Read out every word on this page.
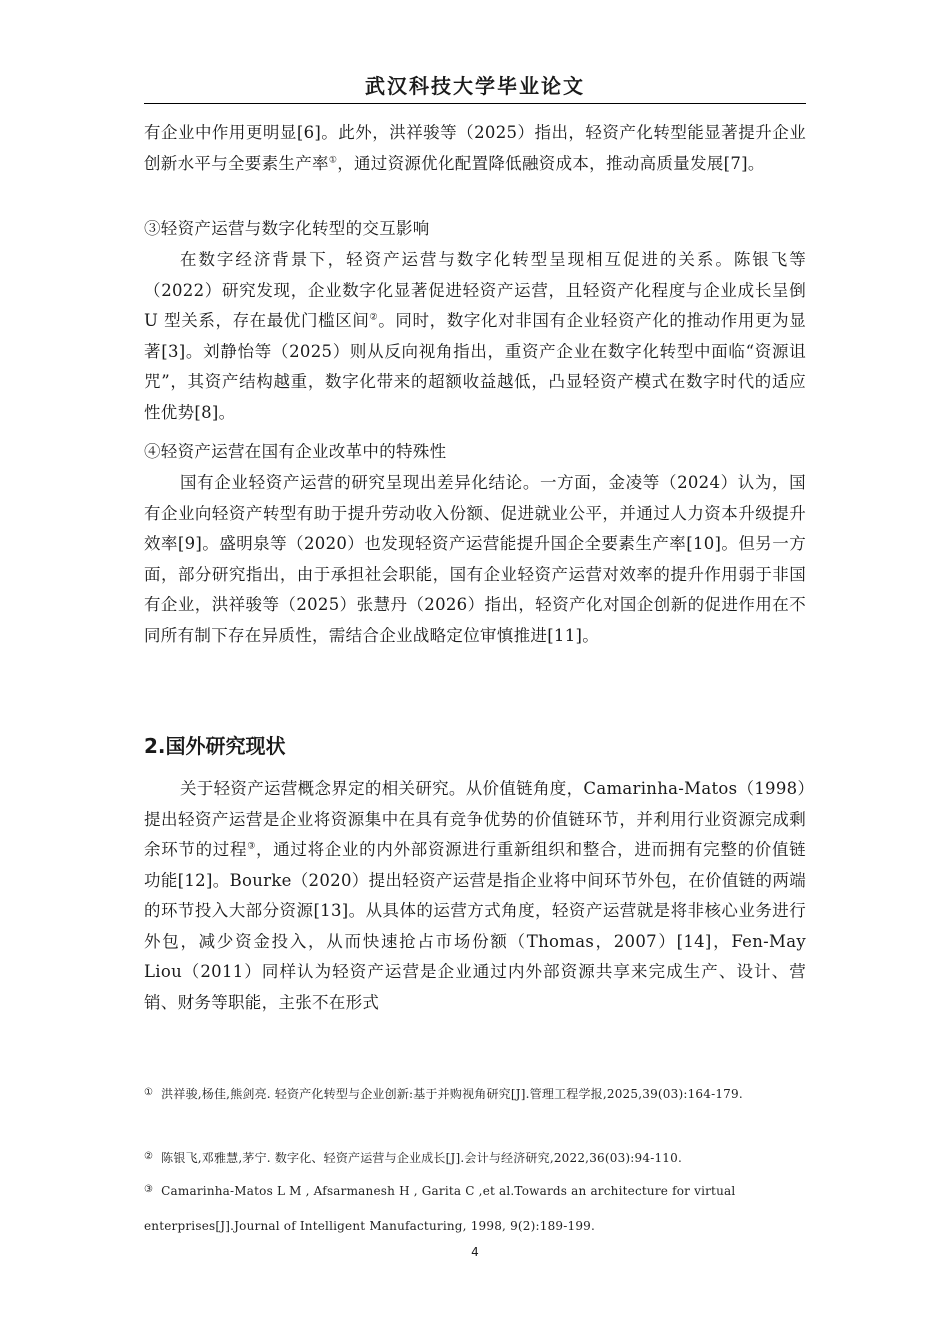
武汉科技大学毕业论文

有企业中作用更明显[6]。此外，洪祥骏等（2025）指出，轻资产化转型能显著提升企业创新水平与全要素生产率①，通过资源优化配置降低融资成本，推动高质量发展[7]。

③轻资产运营与数字化转型的交互影响

在数字经济背景下，轻资产运营与数字化转型呈现相互促进的关系。陈银飞等（2022）研究发现，企业数字化显著促进轻资产运营，且轻资产化程度与企业成长呈倒 U 型关系，存在最优门槛区间②。同时，数字化对非国有企业轻资产化的推动作用更为显著[3]。刘静怡等（2025）则从反向视角指出，重资产企业在数字化转型中面临“资源诅咒”，其资产结构越重，数字化带来的超额收益越低，凸显轻资产模式在数字时代的适应性优势[8]。

④轻资产运营在国有企业改革中的特殊性

国有企业轻资产运营的研究呈现出差异化结论。一方面，金凌等（2024）认为，国有企业向轻资产转型有助于提升劳动收入份额、促进就业公平，并通过人力资本升级提升效率[9]。盛明泉等（2020）也发现轻资产运营能提升国企全要素生产率[10]。但另一方面，部分研究指出，由于承担社会职能，国有企业轻资产运营对效率的提升作用弱于非国有企业，洪祥骏等（2025）张慧丹（2026）指出，轻资产化对国企创新的促进作用在不同所有制下存在异质性，需结合企业战略定位审慎推进[11]。

2.国外研究现状

关于轻资产运营概念界定的相关研究。从价值链角度，Camarinha-Matos（1998）提出轻资产运营是企业将资源集中在具有竞争优势的价值链环节，并利用行业资源完成剩余环节的过程③，通过将企业的内外部资源进行重新组织和整合，进而拥有完整的价值链功能[12]。Bourke（2020）提出轻资产运营是指企业将中间环节外包，在价值链的两端的环节投入大部分资源[13]。从具体的运营方式角度，轻资产运营就是将非核心业务进行外包，减少资金投入，从而快速抢占市场份额（Thomas，2007）[14]，Fen-May Liou（2011）同样认为轻资产运营是企业通过内外部资源共享来完成生产、设计、营销、财务等职能，主张不在形式

① 洪祥骏,杨佳,熊剑亮. 轻资产化转型与企业创新:基于并购视角研究[J].管理工程学报,2025,39(03):164-179.

② 陈银飞,邓雅慧,茅宁. 数字化、轻资产运营与企业成长[J].会计与经济研究,2022,36(03):94-110.

③ Camarinha-Matos L M , Afsarmanesh H , Garita C ,et al.Towards an architecture for virtual enterprises[J].Journal of Intelligent Manufacturing, 1998, 9(2):189-199.

4
